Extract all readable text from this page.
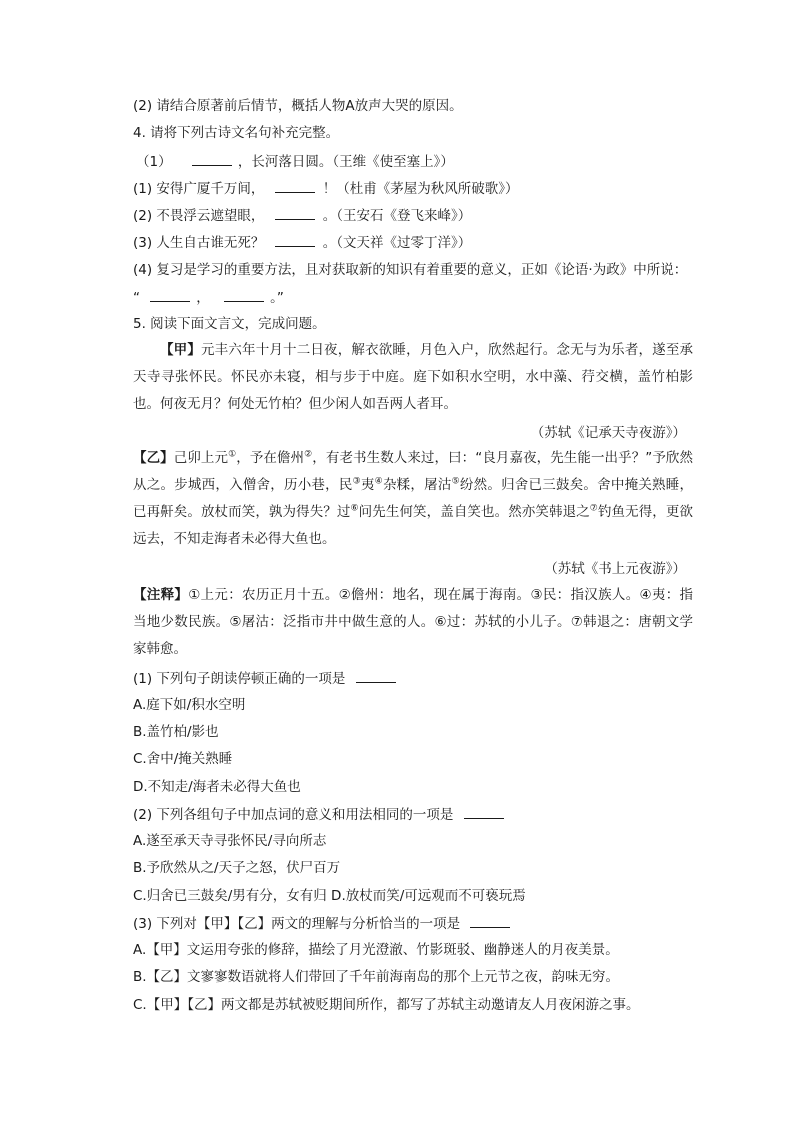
(2) 请结合原著前后情节，概括人物A放声大哭的原因。
4. 请将下列古诗文名句补充完整。
（1）	，长河落日圆。（王维《使至塞上》）
(1) 安得广厦千万间，	！（杜甫《茅屋为秋风所破歌》）
(2) 不畏浮云遮望眼，	。（王安石《登飞来峰》）
(3) 人生自古谁无死？	。（文天祥《过零丁洋》）
(4) 复习是学习的重要方法，且对获取新的知识有着重要的意义，正如《论语·为政》中所说：
“	，	。”
5. 阅读下面文言文，完成问题。
【甲】元丰六年十月十二日夜，解衣欲睡，月色入户，欣然起行。念无与为乐者，遂至承天寺寻张怀民。怀民亦未寝，相与步于中庭。庭下如积水空明，水中藻、荇交横，盖竹柏影也。何夜无月？何处无竹柏？但少闲人如吾两人者耳。
（苏轼《记承天寺夜游》）
【乙】己卯上元①，予在儋州②，有老书生数人来过，曰：“良月嘉夜，先生能一出乎？”予欣然从之。步城西，入僧舍，历小巷，民③夷④杂糅，屠沽⑤纷然。归舍已三鼓矣。舍中掩关熟睡，已再鼾矣。放杖而笑，孰为得失？过⑥问先生何笑，盖自笑也。然亦笑韩退之⑦钓鱼无得，更欲远去，不知走海者未必得大鱼也。
（苏轼《书上元夜游》）
【注释】①上元：农历正月十五。②儋州：地名，现在属于海南。③民：指汉族人。④夷：指当地少数民族。⑤屠沽：泛指市井中做生意的人。⑥过：苏轼的小儿子。⑦韩退之：唐朝文学家韩愈。
(1) 下列句子朗读停顿正确的一项是
A.庭下如/积水空明
B.盖竹柏/影也
C.舍中/掩关熟睡
D.不知走/海者未必得大鱼也
(2) 下列各组句子中加点词的意义和用法相同的一项是
A.遂至承天寺寻张怀民/寻向所志
B.予欣然从之/天子之怒，伏尸百万
C.归舍已三鼓矣/男有分，女有归 D.放杖而笑/可远观而不可亵玩焉
(3) 下列对【甲】【乙】两文的理解与分析恰当的一项是
A.【甲】文运用夸张的修辞，描绘了月光澄澈、竹影斑驳、幽静迷人的月夜美景。
B.【乙】文寥寥数语就将人们带回了千年前海南岛的那个上元节之夜，韵味无穷。
C.【甲】【乙】两文都是苏轼被贬期间所作，都写了苏轼主动邀请友人月夜闲游之事。
